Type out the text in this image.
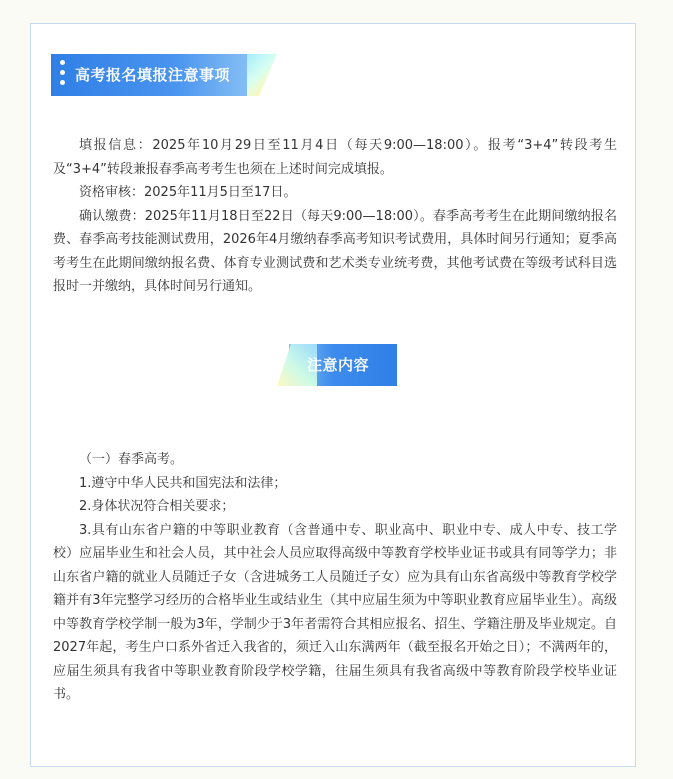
高考报名填报注意事项

填报信息：2025年10月29日至11月4日（每天9:00—18:00）。报考“3+4”转段考生及“3+4”转段兼报春季高考考生也须在上述时间完成填报。

资格审核：2025年11月5日至17日。

确认缴费：2025年11月18日至22日（每天9:00—18:00）。春季高考考生在此期间缴纳报名费、春季高考技能测试费用，2026年4月缴纳春季高考知识考试费用，具体时间另行通知；夏季高考考生在此期间缴纳报名费、体育专业测试费和艺术类专业统考费，其他考试费在等级考试科目选报时一并缴纳，具体时间另行通知。

注意内容

（一）春季高考。

1.遵守中华人民共和国宪法和法律；

2.身体状况符合相关要求；

3.具有山东省户籍的中等职业教育（含普通中专、职业高中、职业中专、成人中专、技工学校）应届毕业生和社会人员，其中社会人员应取得高级中等教育学校毕业证书或具有同等学力；非山东省户籍的就业人员随迁子女（含进城务工人员随迁子女）应为具有山东省高级中等教育学校学籍并有3年完整学习经历的合格毕业生或结业生（其中应届生须为中等职业教育应届毕业生）。高级中等教育学校学制一般为3年，学制少于3年者需符合其相应报名、招生、学籍注册及毕业规定。自2027年起，考生户口系外省迁入我省的，须迁入山东满两年（截至报名开始之日）；不满两年的，应届生须具有我省中等职业教育阶段学校学籍，往届生须具有我省高级中等教育阶段学校毕业证书。
